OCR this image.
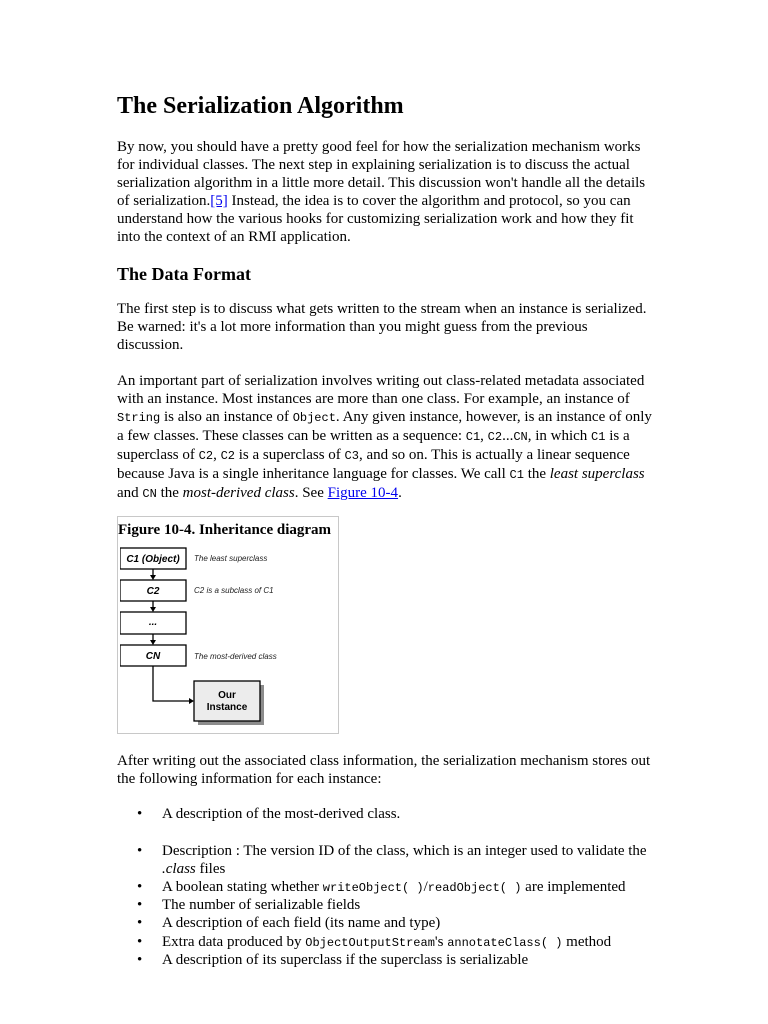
The Serialization Algorithm

By now, you should have a pretty good feel for how the serialization mechanism works for individual classes. The next step in explaining serialization is to discuss the actual serialization algorithm in a little more detail. This discussion won't handle all the details of serialization.[5] Instead, the idea is to cover the algorithm and protocol, so you can understand how the various hooks for customizing serialization work and how they fit into the context of an RMI application.

The Data Format

The first step is to discuss what gets written to the stream when an instance is serialized. Be warned: it's a lot more information than you might guess from the previous discussion.

An important part of serialization involves writing out class-related metadata associated with an instance. Most instances are more than one class. For example, an instance of String is also an instance of Object. Any given instance, however, is an instance of only a few classes. These classes can be written as a sequence: C1, C2...CN, in which C1 is a superclass of C2, C2 is a superclass of C3, and so on. This is actually a linear sequence because Java is a single inheritance language for classes. We call C1 the least superclass and CN the most-derived class. See Figure 10-4.

Figure 10-4. Inheritance diagram
C1 (Object)
C2
...
CN
Our
Instance
The least superclass
C2 is a subclass of C1
The most-derived class

After writing out the associated class information, the serialization mechanism stores out the following information for each instance:

• A description of the most-derived class.
• Description : The version ID of the class, which is an integer used to validate the .class files
• A boolean stating whether writeObject( )/readObject( ) are implemented
• The number of serializable fields
• A description of each field (its name and type)
• Extra data produced by ObjectOutputStream's annotateClass( ) method
• A description of its superclass if the superclass is serializable
